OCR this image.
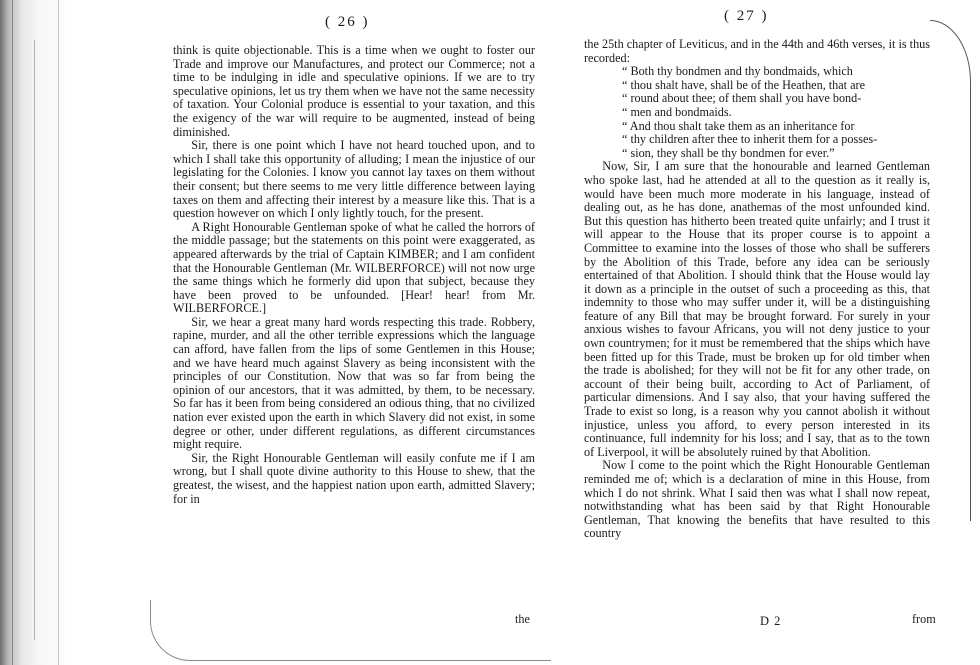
( 26 )

think is quite objectionable. This is a time when we ought to foster our Trade and improve our Manufactures, and protect our Commerce; not a time to be indulging in idle and speculative opinions. If we are to try speculative opinions, let us try them when we have not the same necessity of taxation. Your Colonial produce is essential to your taxation, and this the exigency of the war will require to be augmented, instead of being diminished.

Sir, there is one point which I have not heard touched upon, and to which I shall take this opportunity of alluding; I mean the injustice of our legislating for the Colonies. I know you cannot lay taxes on them without their consent; but there seems to me very little difference between laying taxes on them and affecting their interest by a measure like this. That is a question however on which I only lightly touch, for the present.

A Right Honourable Gentleman spoke of what he called the horrors of the middle passage; but the statements on this point were exaggerated, as appeared afterwards by the trial of Captain KIMBER; and I am confident that the Honourable Gentleman (Mr. WILBERFORCE) will not now urge the same things which he formerly did upon that subject, because they have been proved to be unfounded. [Hear! hear! from Mr. WILBERFORCE.]

Sir, we hear a great many hard words respecting this trade. Robbery, rapine, murder, and all the other terrible expressions which the language can afford, have fallen from the lips of some Gentlemen in this House; and we have heard much against Slavery as being inconsistent with the principles of our Constitution. Now that was so far from being the opinion of our ancestors, that it was admitted, by them, to be necessary. So far has it been from being considered an odious thing, that no civilized nation ever existed upon the earth in which Slavery did not exist, in some degree or other, under different regulations, as different circumstances might require.

Sir, the Right Honourable Gentleman will easily confute me if I am wrong, but I shall quote divine authority to this House to shew, that the greatest, the wisest, and the happiest nation upon earth, admitted Slavery; for in

the
( 27 )

the 25th chapter of Leviticus, and in the 44th and 46th verses, it is thus recorded:

“ Both thy bondmen and thy bondmaids, which
“ thou shalt have, shall be of the Heathen, that are
“ round about thee; of them shall you have bond-
“ men and bondmaids.
“ And thou shalt take them as an inheritance for
“ thy children after thee to inherit them for a posses-
“ sion, they shall be thy bondmen for ever.”

Now, Sir, I am sure that the honourable and learned Gentleman who spoke last, had he attended at all to the question as it really is, would have been much more moderate in his language, instead of dealing out, as he has done, anathemas of the most unfounded kind. But this question has hitherto been treated quite unfairly; and I trust it will appear to the House that its proper course is to appoint a Committee to examine into the losses of those who shall be sufferers by the Abolition of this Trade, before any idea can be seriously entertained of that Abolition. I should think that the House would lay it down as a principle in the outset of such a proceeding as this, that indemnity to those who may suffer under it, will be a distinguishing feature of any Bill that may be brought forward. For surely in your anxious wishes to favour Africans, you will not deny justice to your own countrymen; for it must be remembered that the ships which have been fitted up for this Trade, must be broken up for old timber when the trade is abolished; for they will not be fit for any other trade, on account of their being built, according to Act of Parliament, of particular dimensions. And I say also, that your having suffered the Trade to exist so long, is a reason why you cannot abolish it without injustice, unless you afford, to every person interested in its continuance, full indemnity for his loss; and I say, that as to the town of Liverpool, it will be absolutely ruined by that Abolition.

Now I come to the point which the Right Honourable Gentleman reminded me of; which is a declaration of mine in this House, from which I do not shrink. What I said then was what I shall now repeat, notwithstanding what has been said by that Right Honourable Gentleman, That knowing the benefits that have resulted to this country

D 2	from
